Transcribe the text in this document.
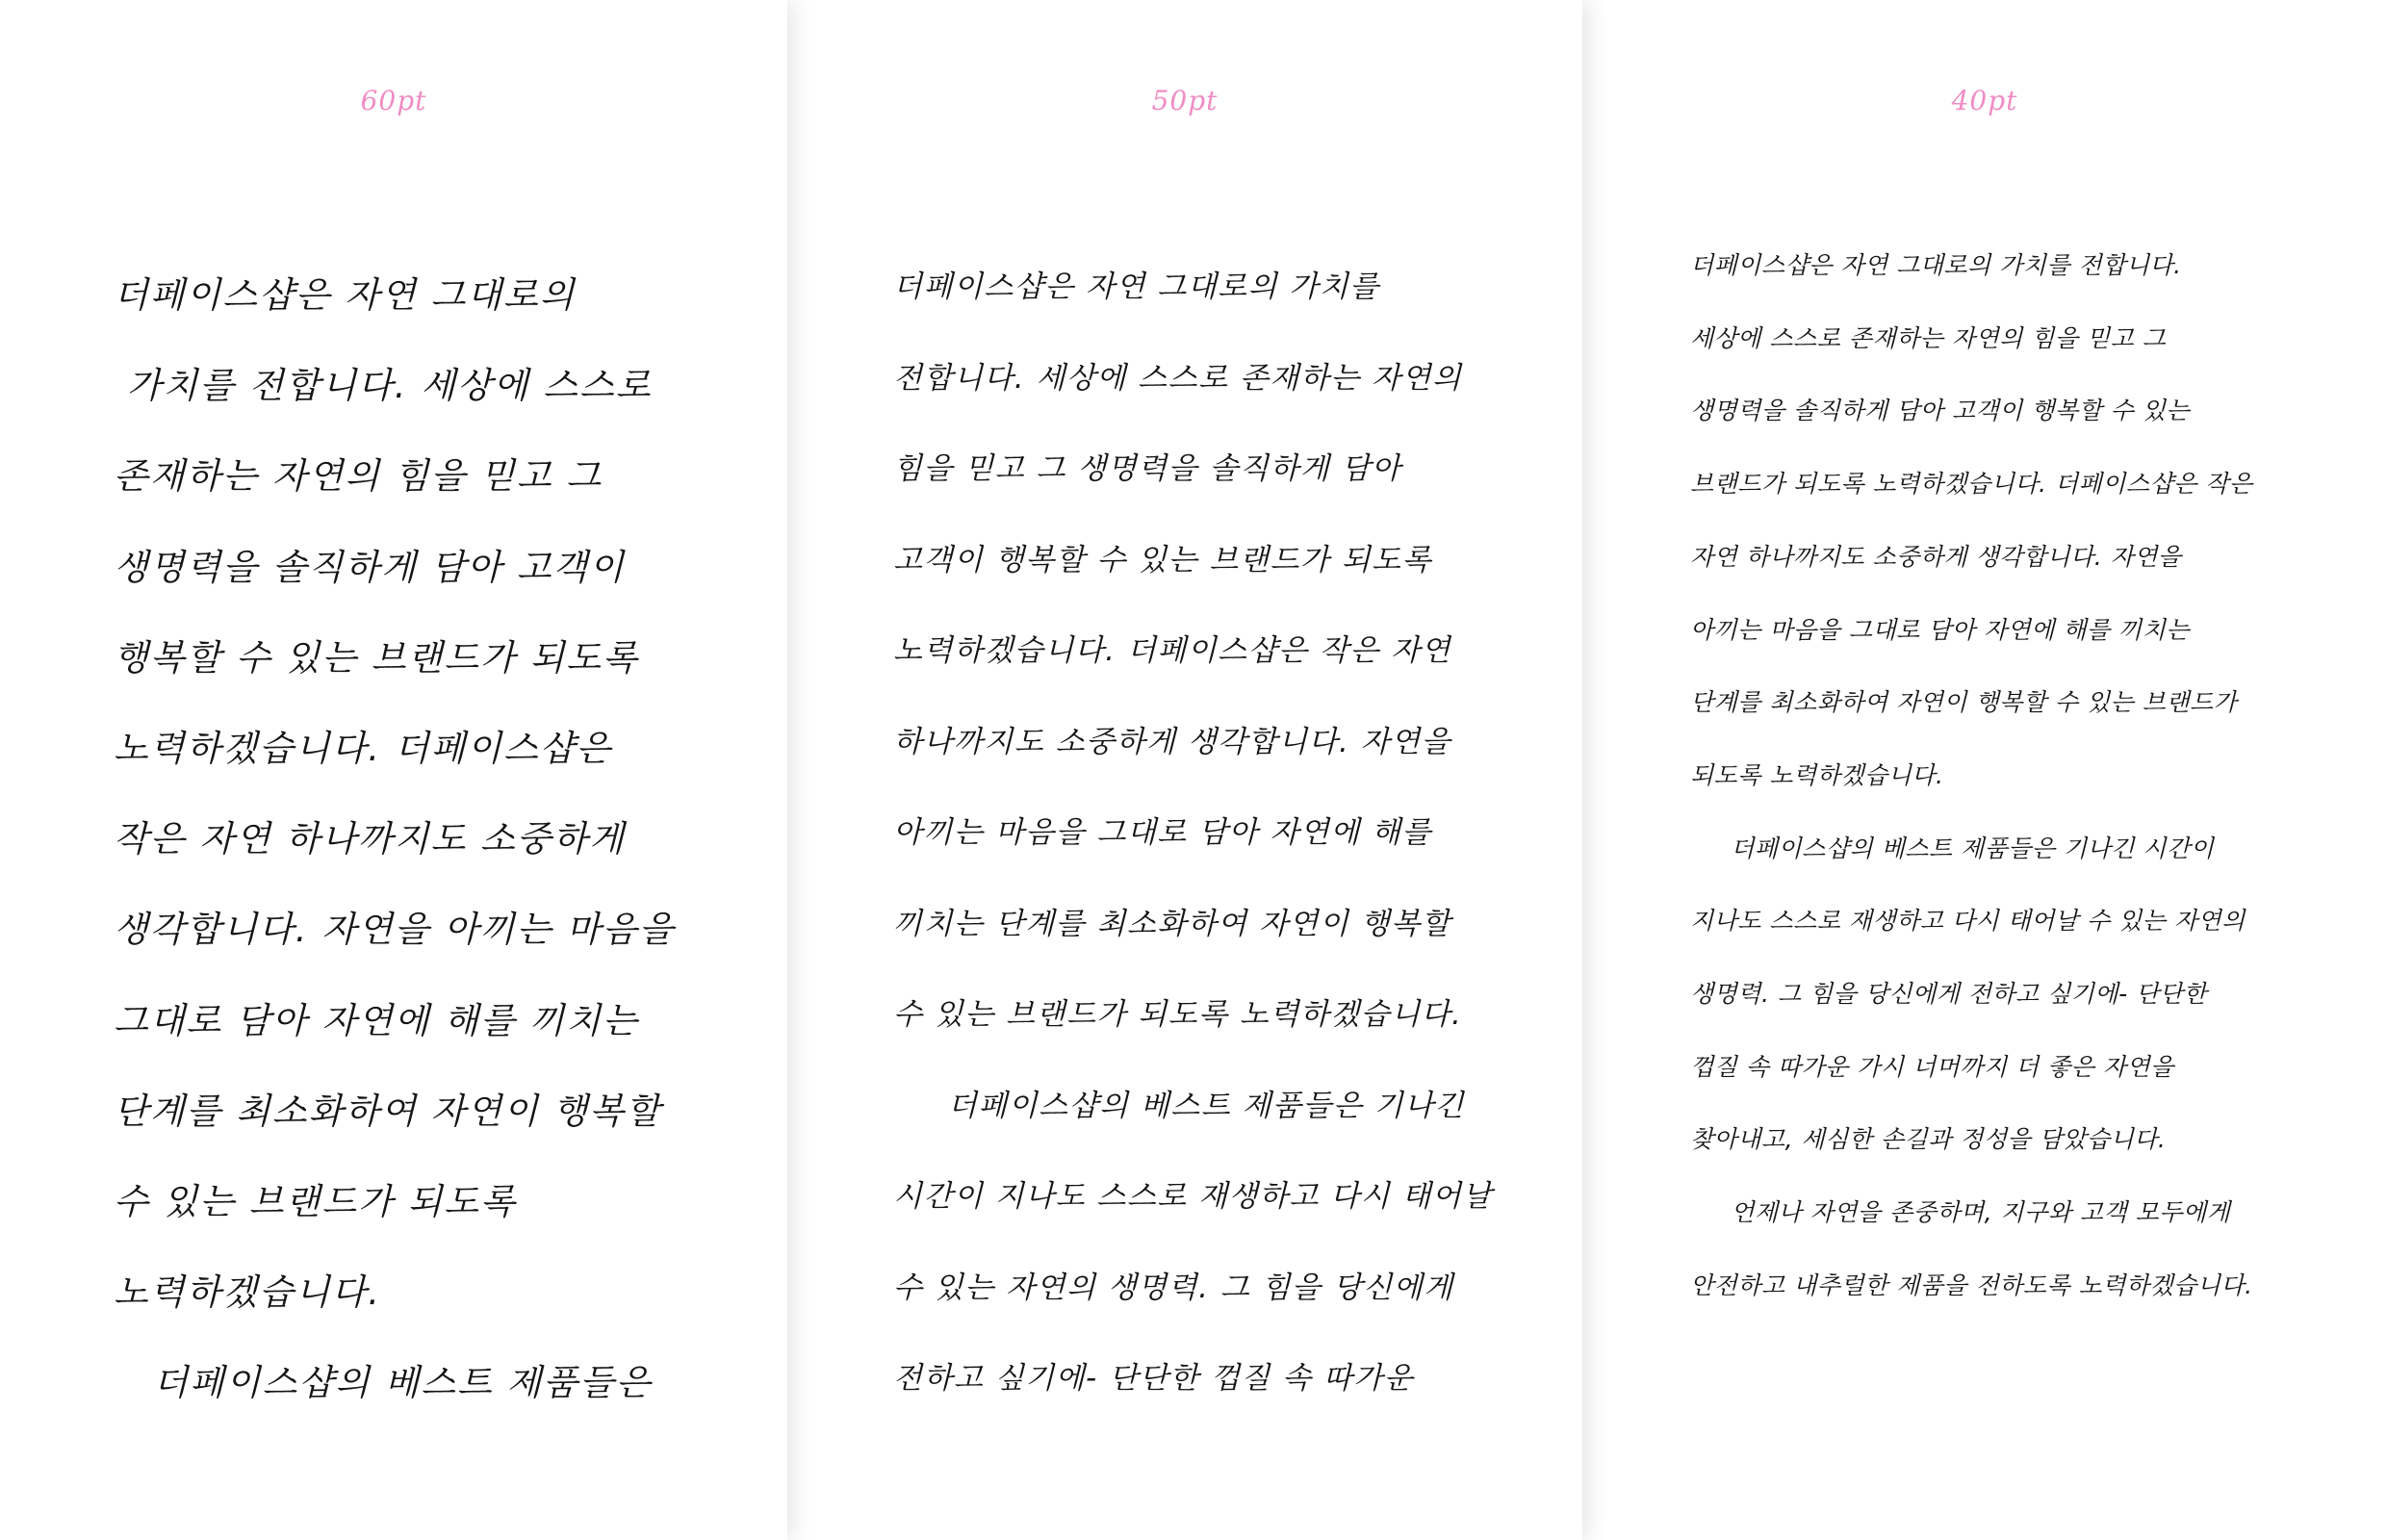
60pt
더페이스샵은 자연 그대로의
가치를 전합니다. 세상에 스스로
존재하는 자연의 힘을 믿고 그
생명력을 솔직하게 담아 고객이
행복할 수 있는 브랜드가 되도록
노력하겠습니다. 더페이스샵은
작은 자연 하나까지도 소중하게
생각합니다. 자연을 아끼는 마음을
그대로 담아 자연에 해를 끼치는
단계를 최소화하여 자연이 행복할
수 있는 브랜드가 되도록
노력하겠습니다.
더페이스샵의 베스트 제품들은
50pt
더페이스샵은 자연 그대로의 가치를
전합니다. 세상에 스스로 존재하는 자연의
힘을 믿고 그 생명력을 솔직하게 담아
고객이 행복할 수 있는 브랜드가 되도록
노력하겠습니다. 더페이스샵은 작은 자연
하나까지도 소중하게 생각합니다. 자연을
아끼는 마음을 그대로 담아 자연에 해를
끼치는 단계를 최소화하여 자연이 행복할
수 있는 브랜드가 되도록 노력하겠습니다.
더페이스샵의 베스트 제품들은 기나긴
시간이 지나도 스스로 재생하고 다시 태어날
수 있는 자연의 생명력. 그 힘을 당신에게
전하고 싶기에- 단단한 껍질 속 따가운
40pt
더페이스샵은 자연 그대로의 가치를 전합니다.
세상에 스스로 존재하는 자연의 힘을 믿고 그
생명력을 솔직하게 담아 고객이 행복할 수 있는
브랜드가 되도록 노력하겠습니다. 더페이스샵은 작은
자연 하나까지도 소중하게 생각합니다. 자연을
아끼는 마음을 그대로 담아 자연에 해를 끼치는
단계를 최소화하여 자연이 행복할 수 있는 브랜드가
되도록 노력하겠습니다.
더페이스샵의 베스트 제품들은 기나긴 시간이
지나도 스스로 재생하고 다시 태어날 수 있는 자연의
생명력. 그 힘을 당신에게 전하고 싶기에- 단단한
껍질 속 따가운 가시 너머까지 더 좋은 자연을
찾아내고, 세심한 손길과 정성을 담았습니다.
언제나 자연을 존중하며, 지구와 고객 모두에게
안전하고 내추럴한 제품을 전하도록 노력하겠습니다.
